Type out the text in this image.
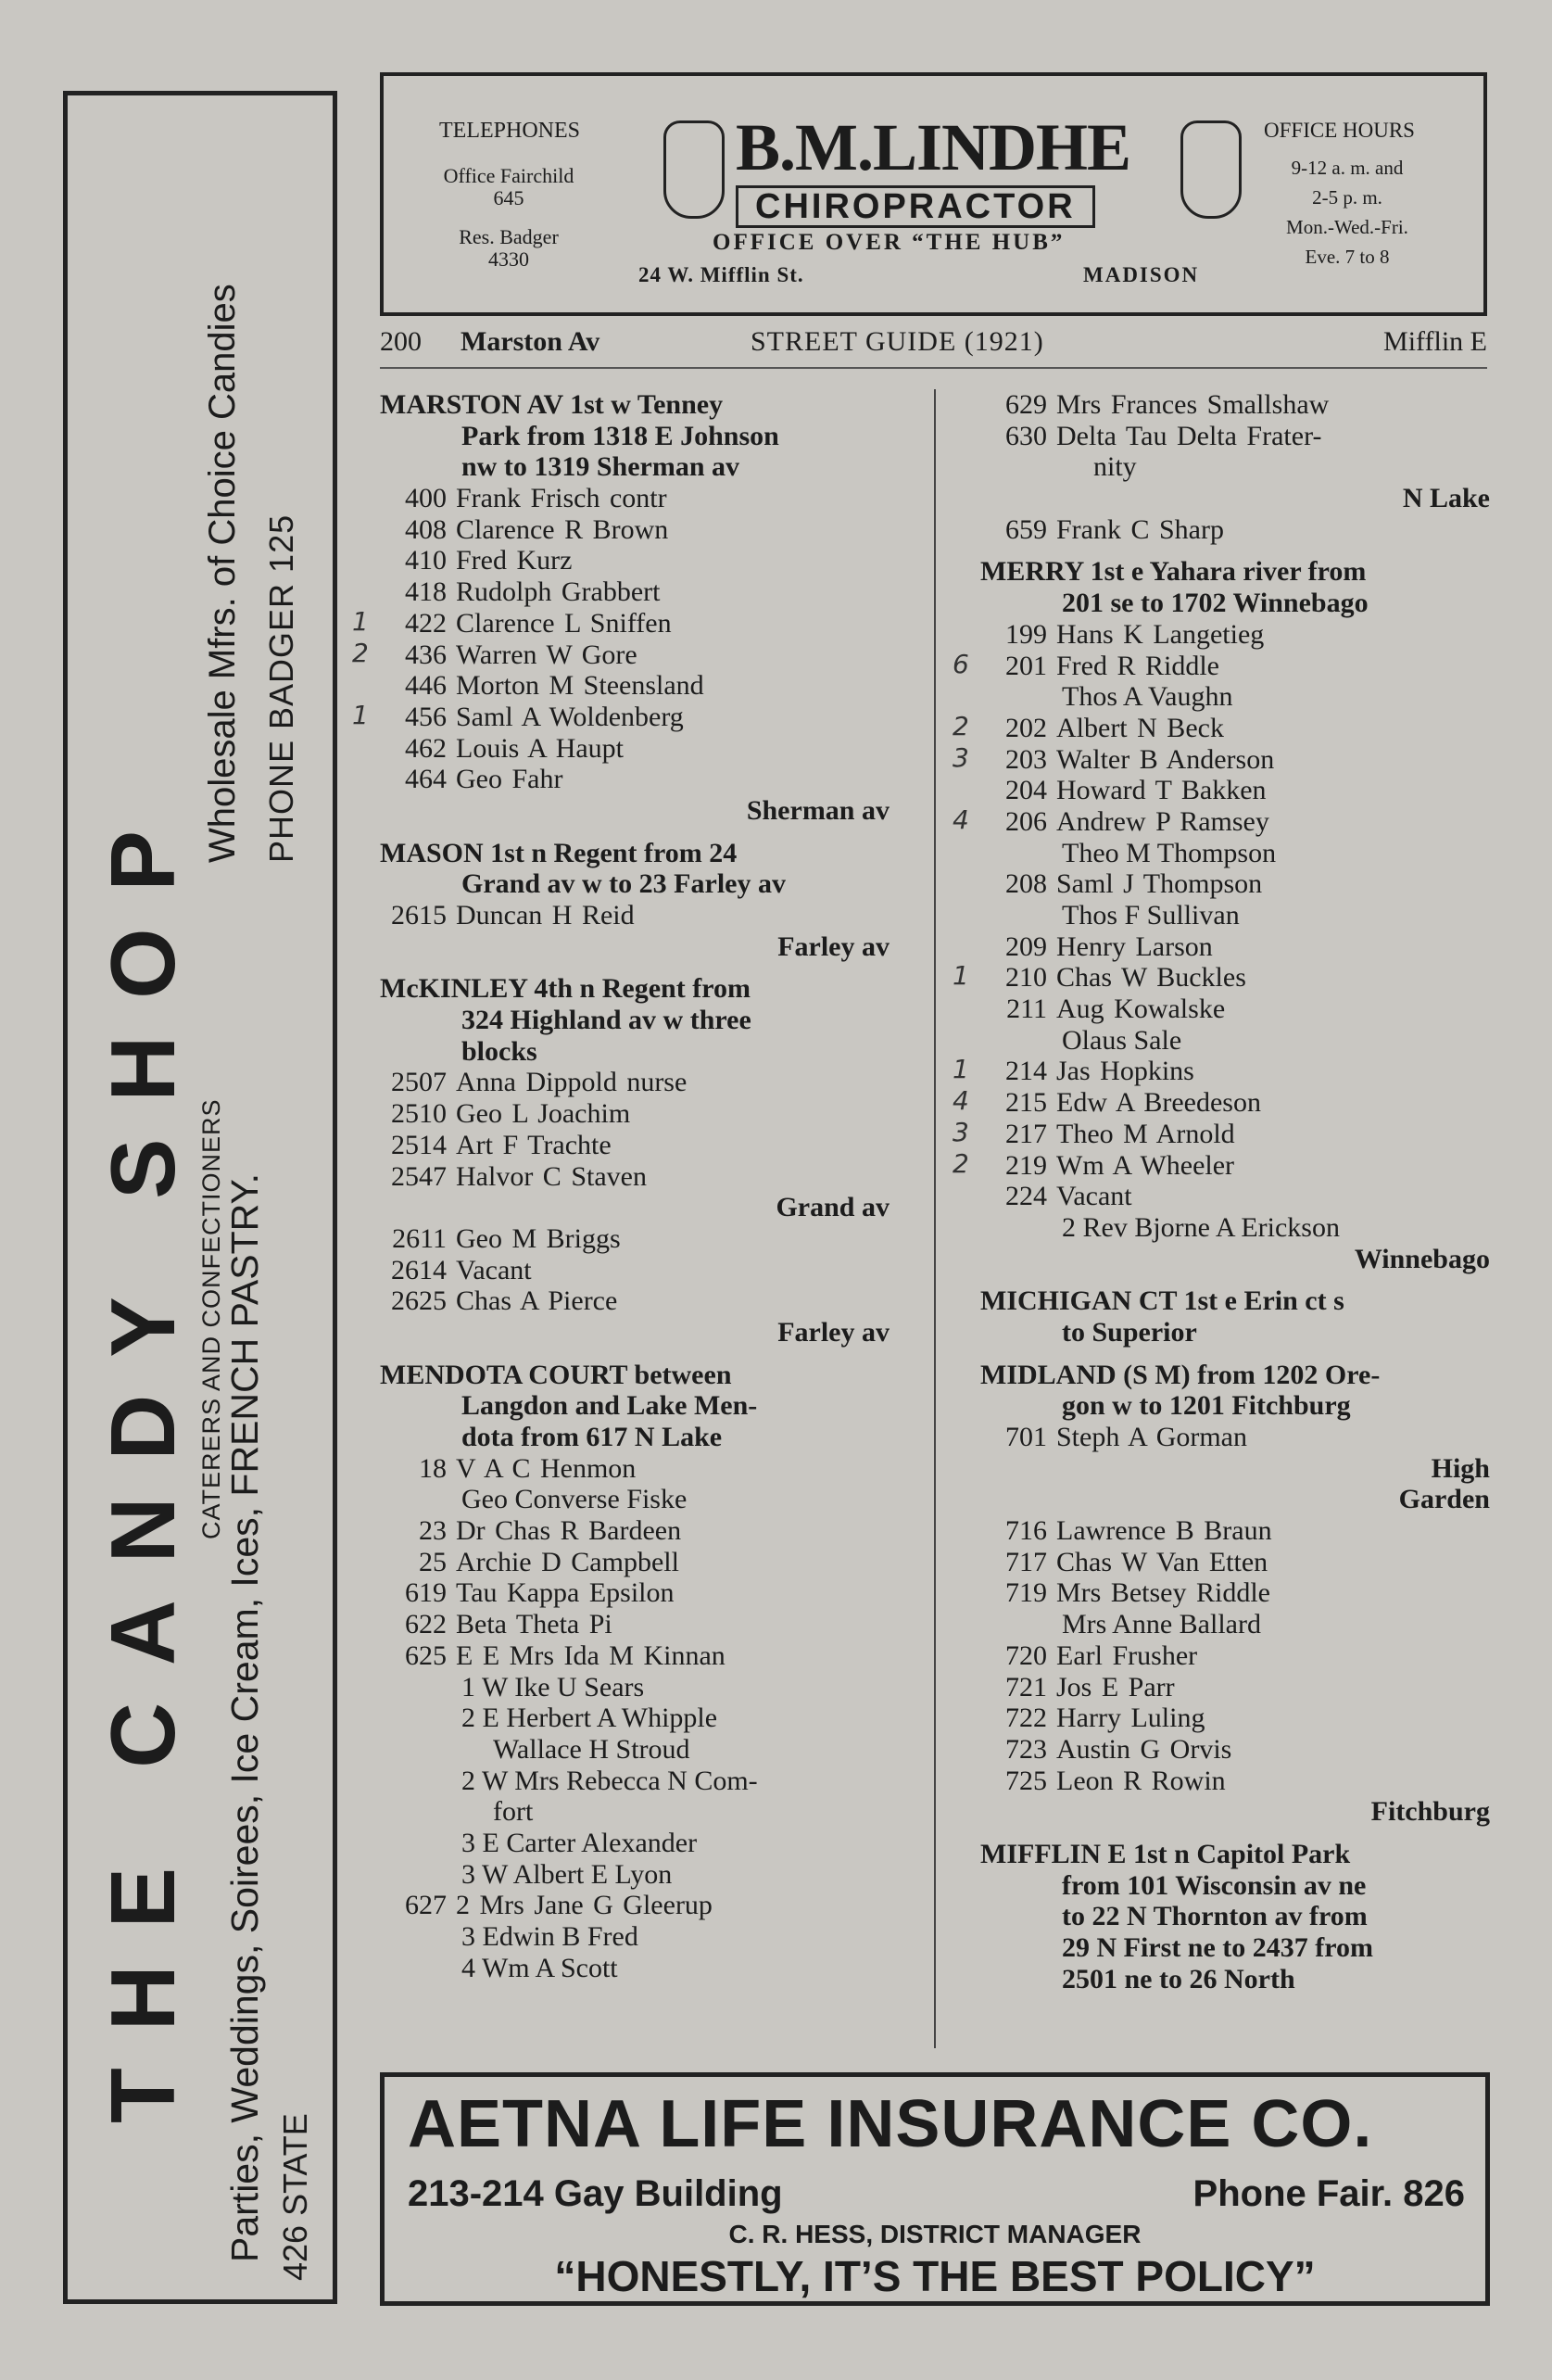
Parties, Weddings, Soirees, Ice Cream, Ices, FRENCH PASTRY. 426 STATE
THE CANDY SHOP CATERERS AND CONFECTIONERS
Wholesale Mfrs. of Choice Candies PHONE BADGER 125
TELEPHONES
Office Fairchild
645
Res. Badger
4330
B.M.LINDHE
CHIROPRACTOR
OFFICE OVER “THE HUB”
24 W. Mifflin St.	MADISON
OFFICE HOURS
9-12 a. m. and
2-5 p. m.
Mon.-Wed.-Fri.
Eve. 7 to 8
200 Marston Av	STREET GUIDE (1921)	Mifflin E
MARSTON AV 1st w Tenney
Park from 1318 E Johnson
nw to 1319 Sherman av
400 Frank Frisch contr
408 Clarence R Brown
410 Fred Kurz
418 Rudolph Grabbert
1 422 Clarence L Sniffen
2 436 Warren W Gore
446 Morton M Steensland
1 456 Saml A Woldenberg
462 Louis A Haupt
464 Geo Fahr
Sherman av
MASON 1st n Regent from 24
Grand av w to 23 Farley av
2615 Duncan H Reid
Farley av
McKINLEY 4th n Regent from
324 Highland av w three
blocks
2507 Anna Dippold nurse
2510 Geo L Joachim
2514 Art F Trachte
2547 Halvor C Staven
Grand av
2611 Geo M Briggs
2614 Vacant
2625 Chas A Pierce
Farley av
MENDOTA COURT between
Langdon and Lake Men-
dota from 617 N Lake
18 V A C Henmon
Geo Converse Fiske
23 Dr Chas R Bardeen
25 Archie D Campbell
619 Tau Kappa Epsilon
622 Beta Theta Pi
625 E E Mrs Ida M Kinnan
1 W Ike U Sears
2 E Herbert A Whipple
Wallace H Stroud
2 W Mrs Rebecca N Com-
fort
3 E Carter Alexander
3 W Albert E Lyon
627 2 Mrs Jane G Gleerup
3 Edwin B Fred
4 Wm A Scott
629 Mrs Frances Smallshaw
630 Delta Tau Delta Frater-
nity
N Lake
659 Frank C Sharp
MERRY 1st e Yahara river from
201 se to 1702 Winnebago
199 Hans K Langetieg
6 201 Fred R Riddle
Thos A Vaughn
2 202 Albert N Beck
3 203 Walter B Anderson
204 Howard T Bakken
4 206 Andrew P Ramsey
Theo M Thompson
208 Saml J Thompson
Thos F Sullivan
209 Henry Larson
1 210 Chas W Buckles
211 Aug Kowalske
Olaus Sale
1 214 Jas Hopkins
4 215 Edw A Breedeson
3 217 Theo M Arnold
2 219 Wm A Wheeler
224 Vacant
2 Rev Bjorne A Erickson
Winnebago
MICHIGAN CT 1st e Erin ct s
to Superior
MIDLAND (S M) from 1202 Ore-
gon w to 1201 Fitchburg
701 Steph A Gorman
High
Garden
716 Lawrence B Braun
717 Chas W Van Etten
719 Mrs Betsey Riddle
Mrs Anne Ballard
720 Earl Frusher
721 Jos E Parr
722 Harry Luling
723 Austin G Orvis
725 Leon R Rowin
Fitchburg
MIFFLIN E 1st n Capitol Park
from 101 Wisconsin av ne
to 22 N Thornton av from
29 N First ne to 2437 from
2501 ne to 26 North
AETNA LIFE INSURANCE CO.
213-214 Gay Building	Phone Fair. 826
C. R. HESS, DISTRICT MANAGER
“HONESTLY, IT’S THE BEST POLICY”
